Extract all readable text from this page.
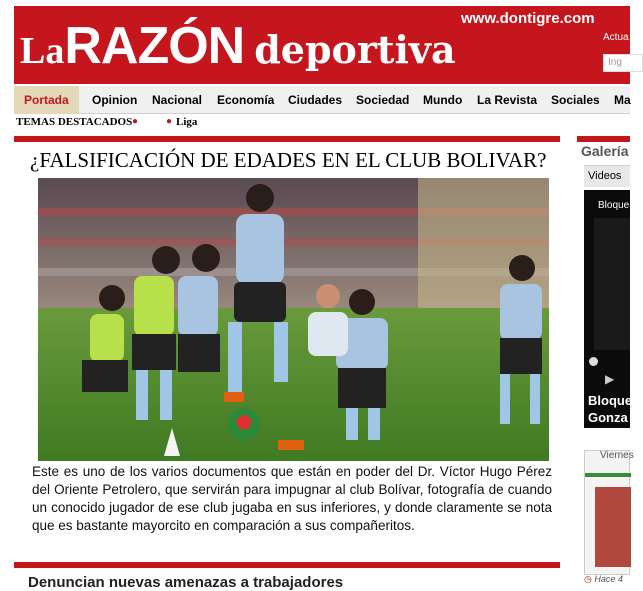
www.dontigre.com
LaRAZÓN deportiva	Actua
Ing
Portada	Opinion Nacional Economía Ciudades Sociedad Mundo La Revista Sociales Ma
TEMAS DESTACADOS ●	● Liga
¿FALSIFICACIÓN DE EDADES EN EL CLUB BOLIVAR?
Este es uno de los varios documentos que están en poder del Dr. Víctor Hugo Pérez del Oriente Petrolero, que servirán para impugnar al club Bolívar, fotografía de cuando un conocido jugador de ese club jugaba en sus inferiores, y donde claramente se nota que es bastante mayorcito en comparación a sus compañeritos.
Denuncian nuevas amenazas a trabajadores
Galería
Videos
Bloque
▶
Bloque Gonza
Viernes
◷ Hace 4
